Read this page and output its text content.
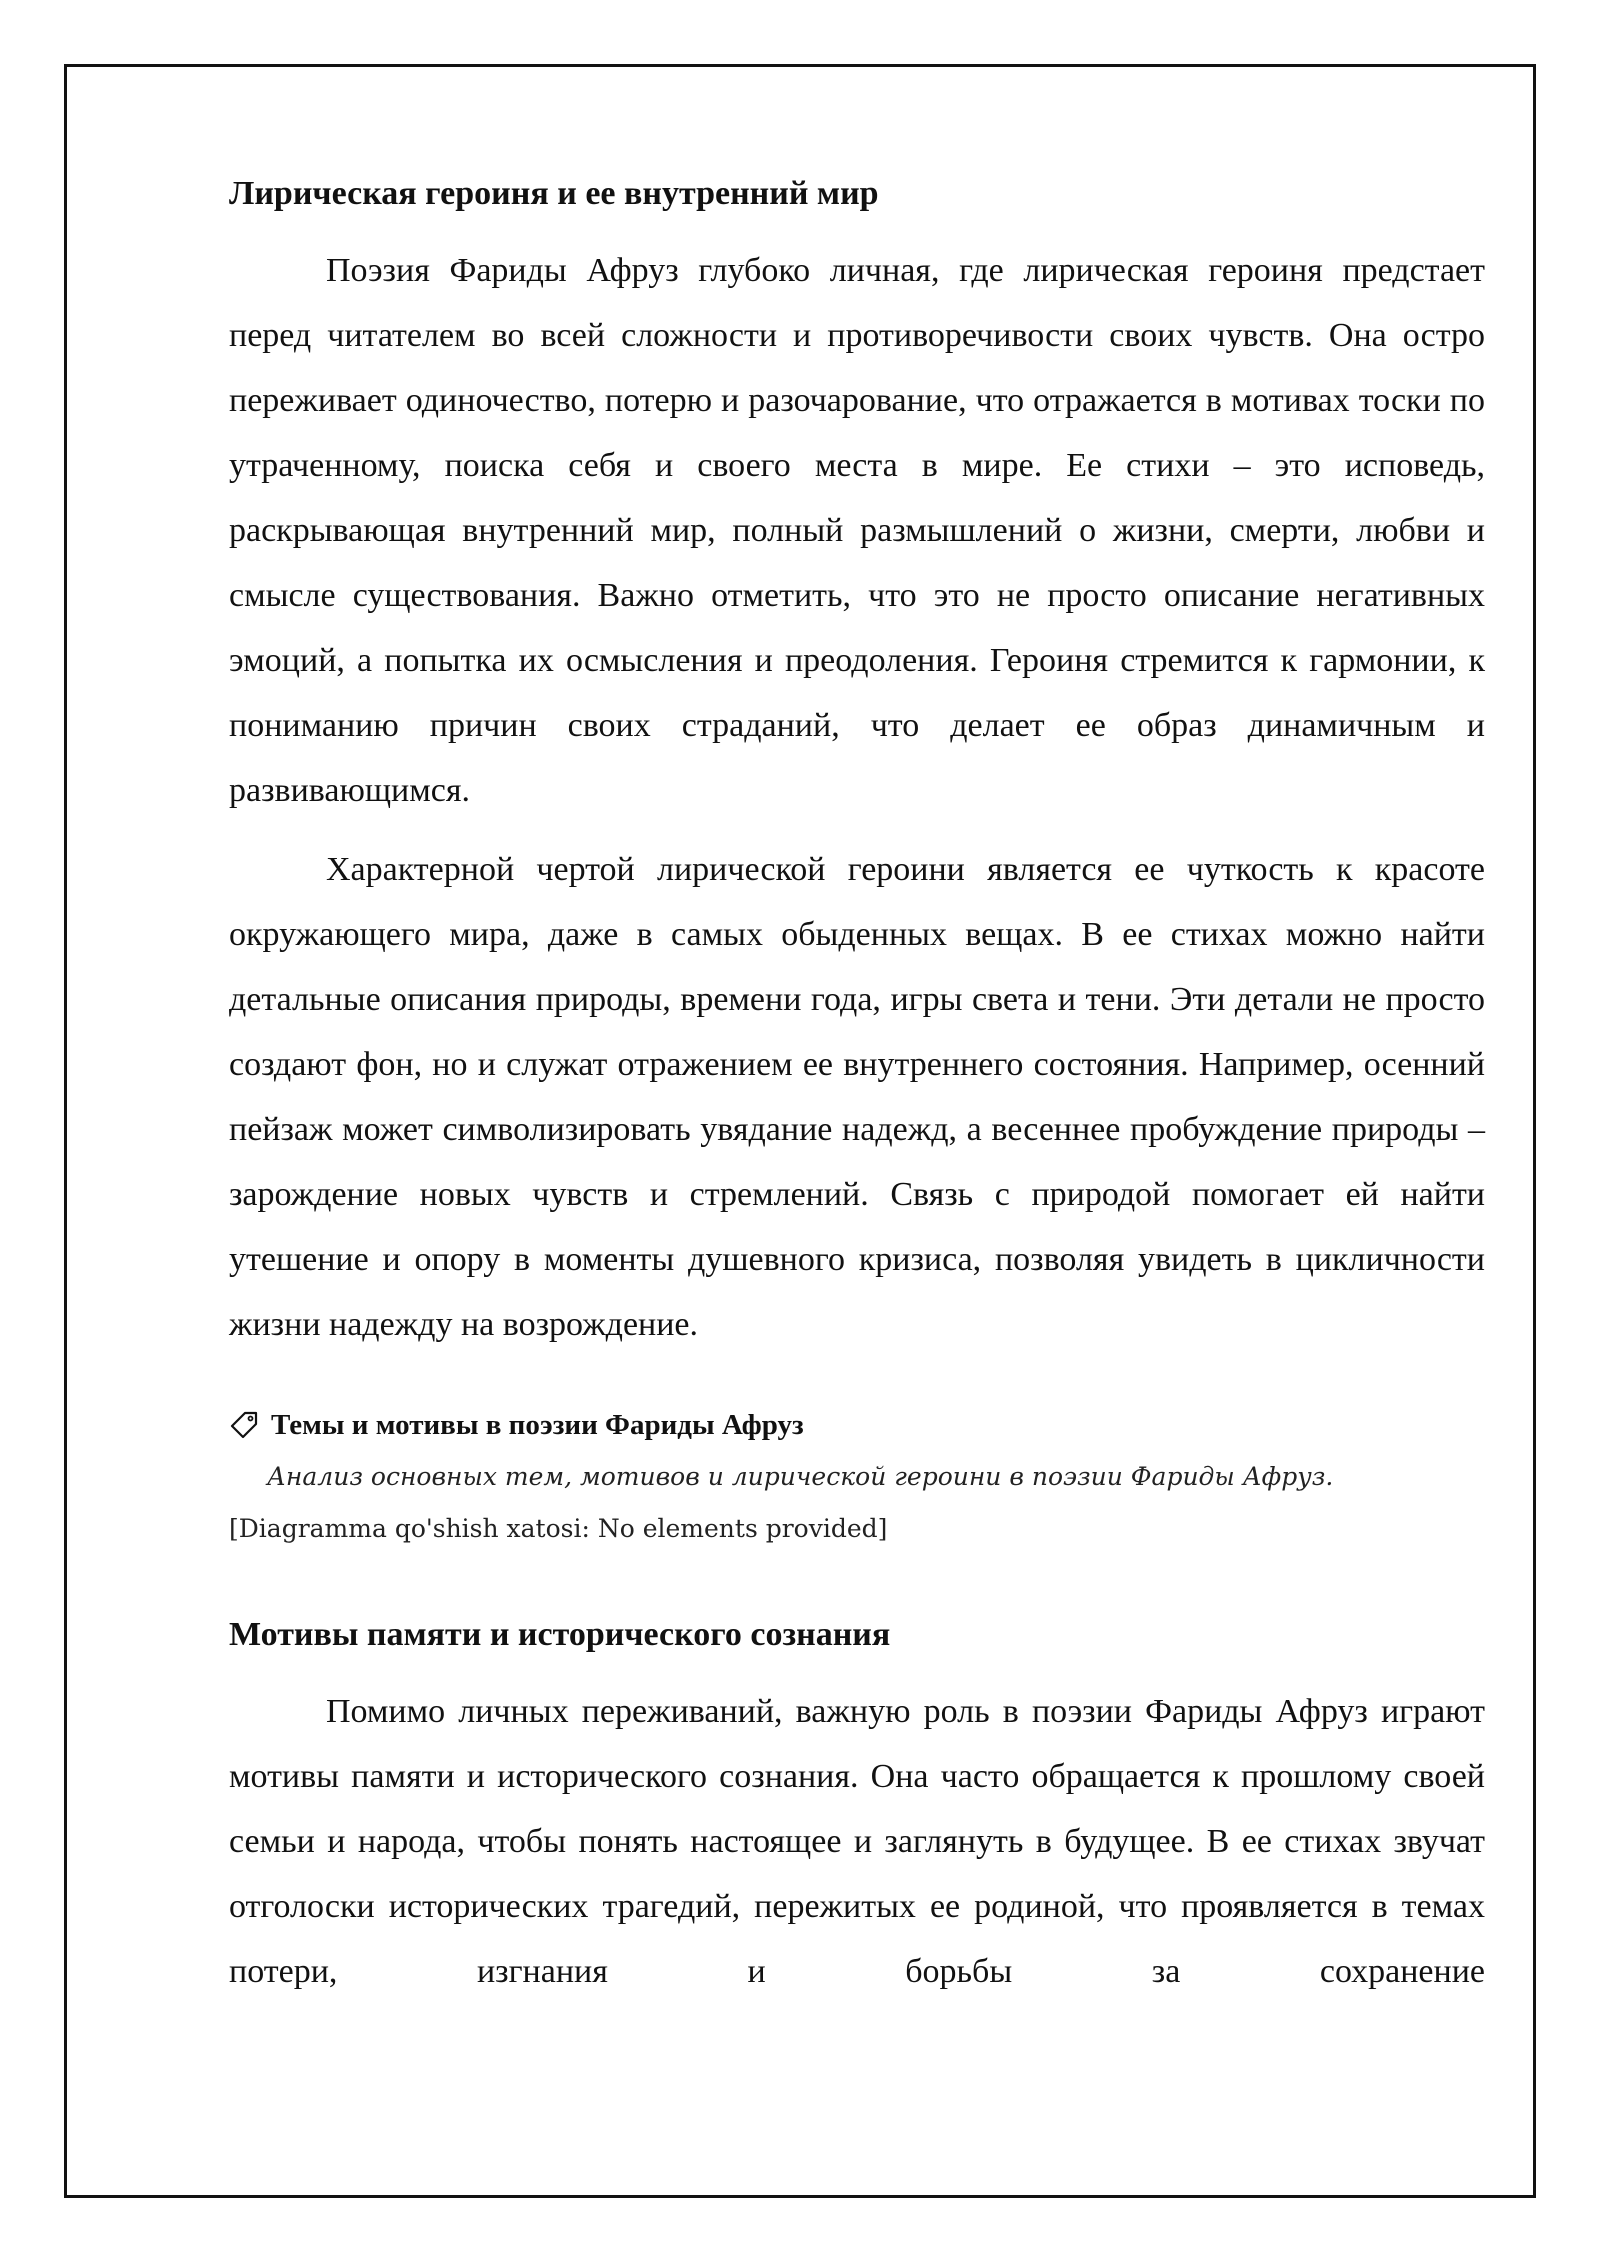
Лирическая героиня и ее внутренний мир

Поэзия Фариды Афруз глубоко личная, где лирическая героиня предстает перед читателем во всей сложности и противоречивости своих чувств. Она остро переживает одиночество, потерю и разочарование, что отражается в мотивах тоски по утраченному, поиска себя и своего места в мире. Ее стихи – это исповедь, раскрывающая внутренний мир, полный размышлений о жизни, смерти, любви и смысле существования. Важно отметить, что это не просто описание негативных эмоций, а попытка их осмысления и преодоления. Героиня стремится к гармонии, к пониманию причин своих страданий, что делает ее образ динамичным и развивающимся.

Характерной чертой лирической героини является ее чуткость к красоте окружающего мира, даже в самых обыденных вещах. В ее стихах можно найти детальные описания природы, времени года, игры света и тени. Эти детали не просто создают фон, но и служат отражением ее внутреннего состояния. Например, осенний пейзаж может символизировать увядание надежд, а весеннее пробуждение природы – зарождение новых чувств и стремлений. Связь с природой помогает ей найти утешение и опору в моменты душевного кризиса, позволяя увидеть в цикличности жизни надежду на возрождение.

Темы и мотивы в поэзии Фариды Афруз
Анализ основных тем, мотивов и лирической героини в поэзии Фариды Афруз.
[Diagramma qo'shish xatosi: No elements provided]
Мотивы памяти и исторического сознания

Помимо личных переживаний, важную роль в поэзии Фариды Афруз играют мотивы памяти и исторического сознания. Она часто обращается к прошлому своей семьи и народа, чтобы понять настоящее и заглянуть в будущее. В ее стихах звучат отголоски исторических трагедий, пережитых ее родиной, что проявляется в темах потери, изгнания и борьбы за сохранение
